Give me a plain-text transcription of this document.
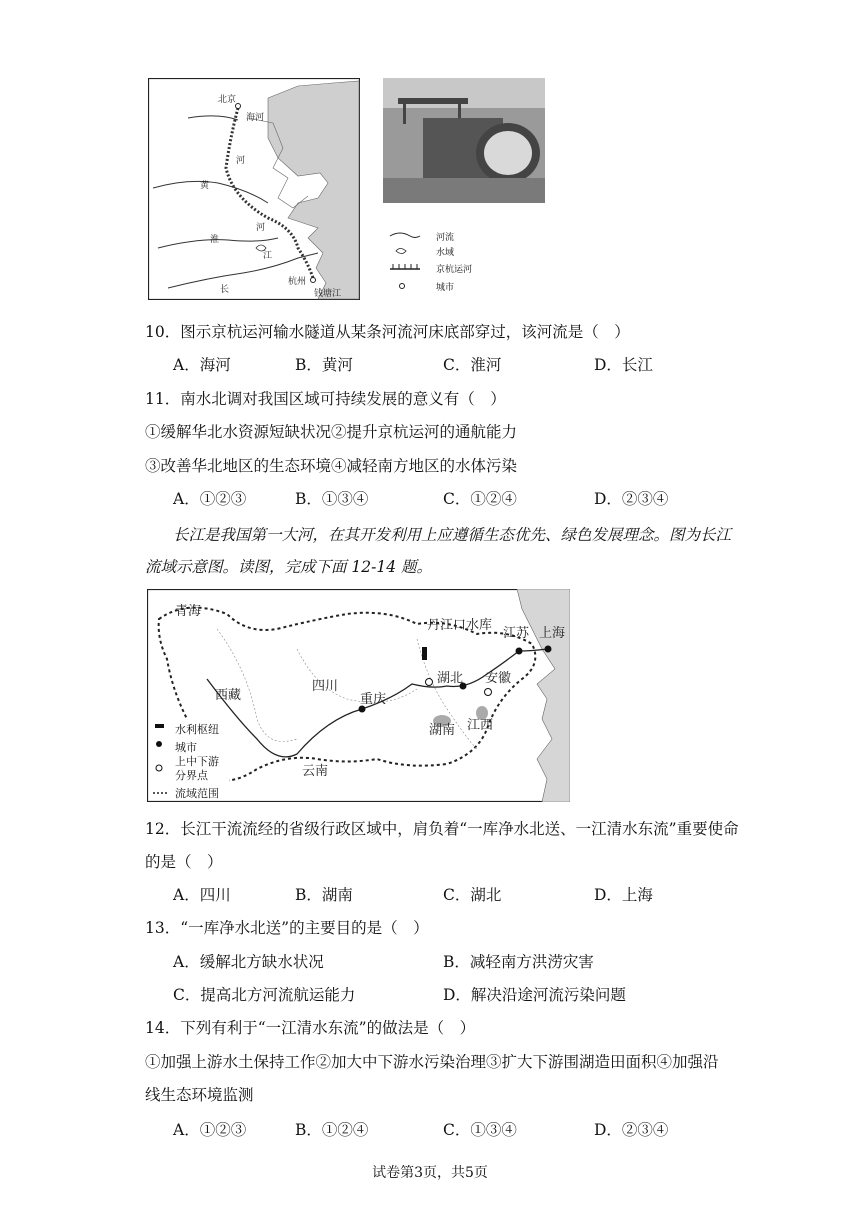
北京
海河
河
黄
河
淮
江
长
杭州
钱塘江
河流
水域
京杭运河
城市
10．图示京杭运河输水隧道从某条河流河床底部穿过，该河流是（　）
A．海河	B．黄河	C．淮河	D．长江
11．南水北调对我国区域可持续发展的意义有（　）
①缓解华北水资源短缺状况②提升京杭运河的通航能力
③改善华北地区的生态环境④减轻南方地区的水体污染
A．①②③	B．①③④	C．①②④	D．②③④
长江是我国第一大河，在其开发利用上应遵循生态优先、绿色发展理念。图为长江
流域示意图。读图，完成下面 12-14 题。
青海
西藏
四川
重庆
云南
丹江口水库
江苏 上海
湖北 安徽
湖南 江西
水利枢纽
城市
上中下游
分界点
流域范围
12．长江干流流经的省级行政区域中，肩负着“一库净水北送、一江清水东流”重要使命
的是（　）
A．四川	B．湖南	C．湖北	D．上海
13．“一库净水北送”的主要目的是（　）
A．缓解北方缺水状况	B．减轻南方洪涝灾害
C．提高北方河流航运能力	D．解决沿途河流污染问题
14．下列有利于“一江清水东流”的做法是（　）
①加强上游水土保持工作②加大中下游水污染治理③扩大下游围湖造田面积④加强沿
线生态环境监测
A．①②③	B．①②④	C．①③④	D．②③④
试卷第3页，共5页
